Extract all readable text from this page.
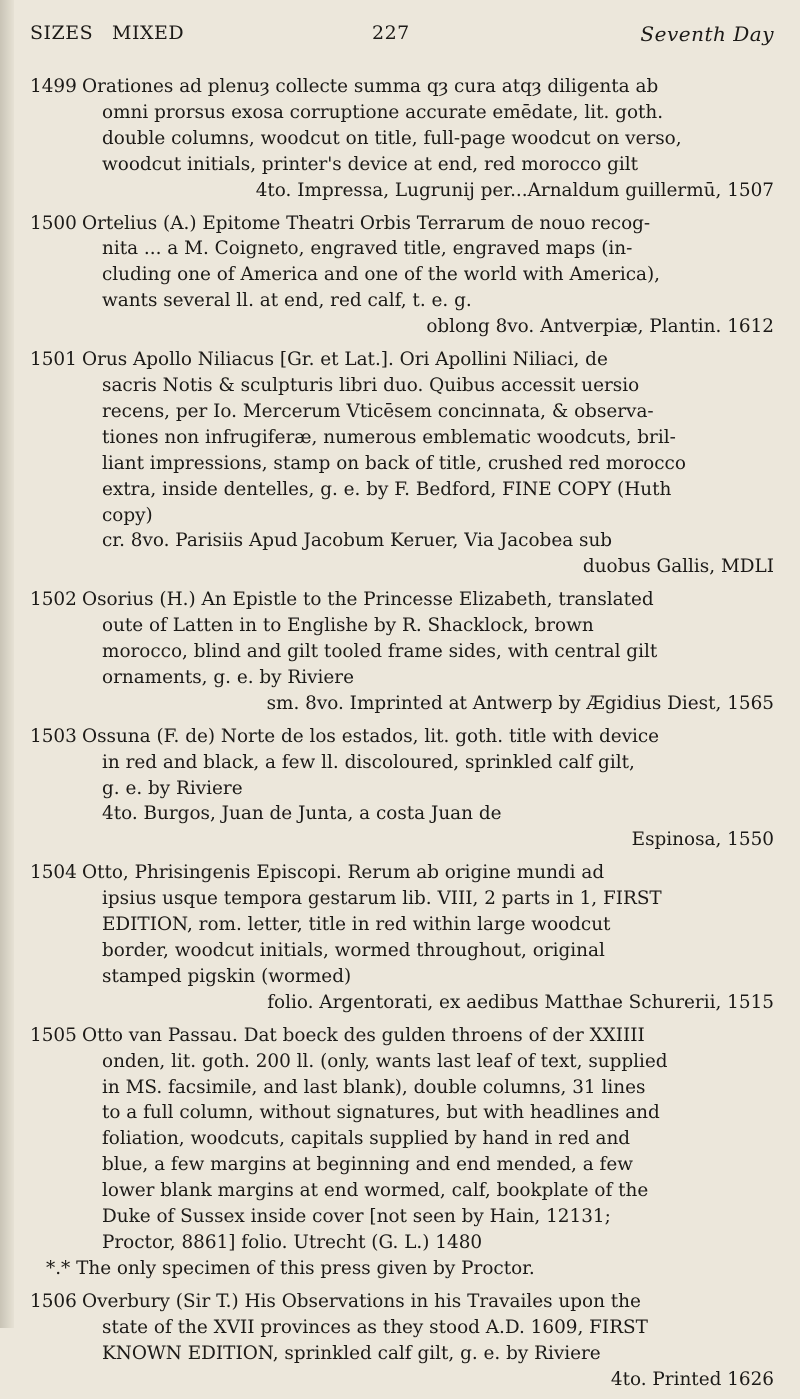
SIZES MIXED	227	Seventh Day
1499 Orationes ad plenuȝ collecte summa qȝ cura atqȝ diligenta ab
omni prorsus exosa corruptione accurate emēdate, lit. goth.
double columns, woodcut on title, full-page woodcut on verso,
woodcut initials, printer's device at end, red morocco gilt
4to. Impressa, Lugrunij per...Arnaldum guillermū, 1507
1500 Ortelius (A.) Epitome Theatri Orbis Terrarum de nouo recog-
nita ... a M. Coigneto, engraved title, engraved maps (in-
cluding one of America and one of the world with America),
wants several ll. at end, red calf, t. e. g.
oblong 8vo. Antverpiæ, Plantin. 1612
1501 Orus Apollo Niliacus [Gr. et Lat.]. Ori Apollini Niliaci, de
sacris Notis & sculpturis libri duo. Quibus accessit uersio
recens, per Io. Mercerum Vticēsem concinnata, & observa-
tiones non infrugiferæ, numerous emblematic woodcuts, bril-
liant impressions, stamp on back of title, crushed red morocco
extra, inside dentelles, g. e. by F. Bedford, FINE COPY (Huth
copy)
cr. 8vo. Parisiis Apud Jacobum Keruer, Via Jacobea sub
duobus Gallis, MDLI
1502 Osorius (H.) An Epistle to the Princesse Elizabeth, translated
oute of Latten in to Englishe by R. Shacklock, brown
morocco, blind and gilt tooled frame sides, with central gilt
ornaments, g. e. by Riviere
sm. 8vo. Imprinted at Antwerp by Ægidius Diest, 1565
1503 Ossuna (F. de) Norte de los estados, lit. goth. title with device
in red and black, a few ll. discoloured, sprinkled calf gilt,
g. e. by Riviere
4to. Burgos, Juan de Junta, a costa Juan de
Espinosa, 1550
1504 Otto, Phrisingenis Episcopi. Rerum ab origine mundi ad
ipsius usque tempora gestarum lib. VIII, 2 parts in 1, FIRST
EDITION, rom. letter, title in red within large woodcut
border, woodcut initials, wormed throughout, original
stamped pigskin (wormed)
folio. Argentorati, ex aedibus Matthae Schurerii, 1515
1505 Otto van Passau. Dat boeck des gulden throens of der XXIIII
onden, lit. goth. 200 ll. (only, wants last leaf of text, supplied
in MS. facsimile, and last blank), double columns, 31 lines
to a full column, without signatures, but with headlines and
foliation, woodcuts, capitals supplied by hand in red and
blue, a few margins at beginning and end mended, a few
lower blank margins at end wormed, calf, bookplate of the
Duke of Sussex inside cover [not seen by Hain, 12131;
Proctor, 8861] folio. Utrecht (G. L.) 1480
*.* The only specimen of this press given by Proctor.
1506 Overbury (Sir T.) His Observations in his Travailes upon the
state of the XVII provinces as they stood A.D. 1609, FIRST
KNOWN EDITION, sprinkled calf gilt, g. e. by Riviere
4to. Printed 1626
